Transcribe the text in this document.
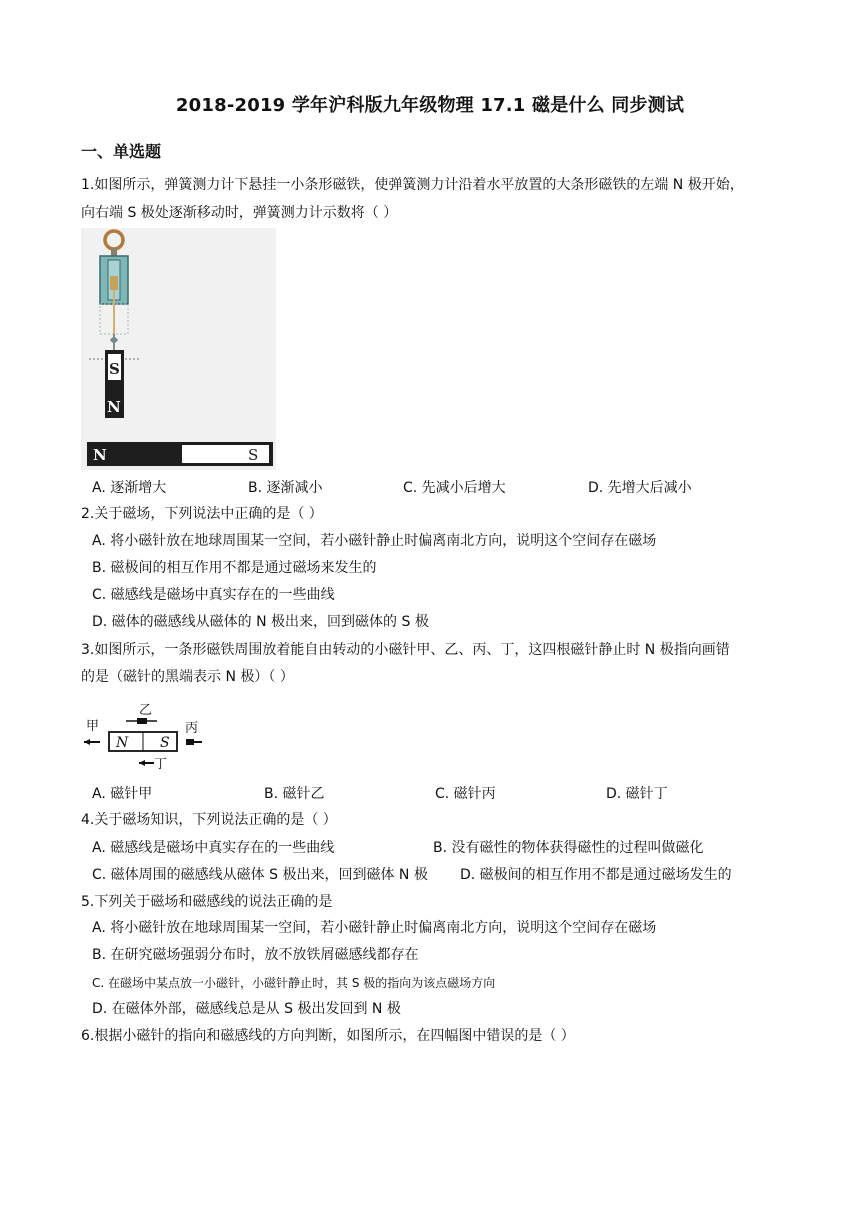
2018-2019 学年沪科版九年级物理 17.1 磁是什么 同步测试
一、单选题
1.如图所示，弹簧测力计下悬挂一小条形磁铁，使弹簧测力计沿着水平放置的大条形磁铁的左端 N 极开始，
向右端 S 极处逐渐移动时，弹簧测力计示数将（ ）
S
N
N	S
A. 逐渐增大	B. 逐渐减小	C. 先减小后增大	D. 先增大后减小
2.关于磁场，下列说法中正确的是（ ）
A. 将小磁针放在地球周围某一空间，若小磁针静止时偏离南北方向，说明这个空间存在磁场
B. 磁极间的相互作用不都是通过磁场来发生的
C. 磁感线是磁场中真实存在的一些曲线
D. 磁体的磁感线从磁体的 N 极出来，回到磁体的 S 极
3.如图所示，一条形磁铁周围放着能自由转动的小磁针甲、乙、丙、丁，这四根磁针静止时 N 极指向画错
的是（磁针的黑端表示 N 极）（ ）
乙
甲
N S
丙
丁
A. 磁针甲	B. 磁针乙	C. 磁针丙	D. 磁针丁
4.关于磁场知识，下列说法正确的是（ ）
A. 磁感线是磁场中真实存在的一些曲线	B. 没有磁性的物体获得磁性的过程叫做磁化
C. 磁体周围的磁感线从磁体 S 极出来，回到磁体 N 极 D. 磁极间的相互作用不都是通过磁场发生的
5.下列关于磁场和磁感线的说法正确的是
A. 将小磁针放在地球周围某一空间，若小磁针静止时偏离南北方向，说明这个空间存在磁场
B. 在研究磁场强弱分布时，放不放铁屑磁感线都存在
C. 在磁场中某点放一小磁针，小磁针静止时，其 S 极的指向为该点磁场方向
D. 在磁体外部，磁感线总是从 S 极出发回到 N 极
6.根据小磁针的指向和磁感线的方向判断，如图所示，在四幅图中错误的是（ ）
